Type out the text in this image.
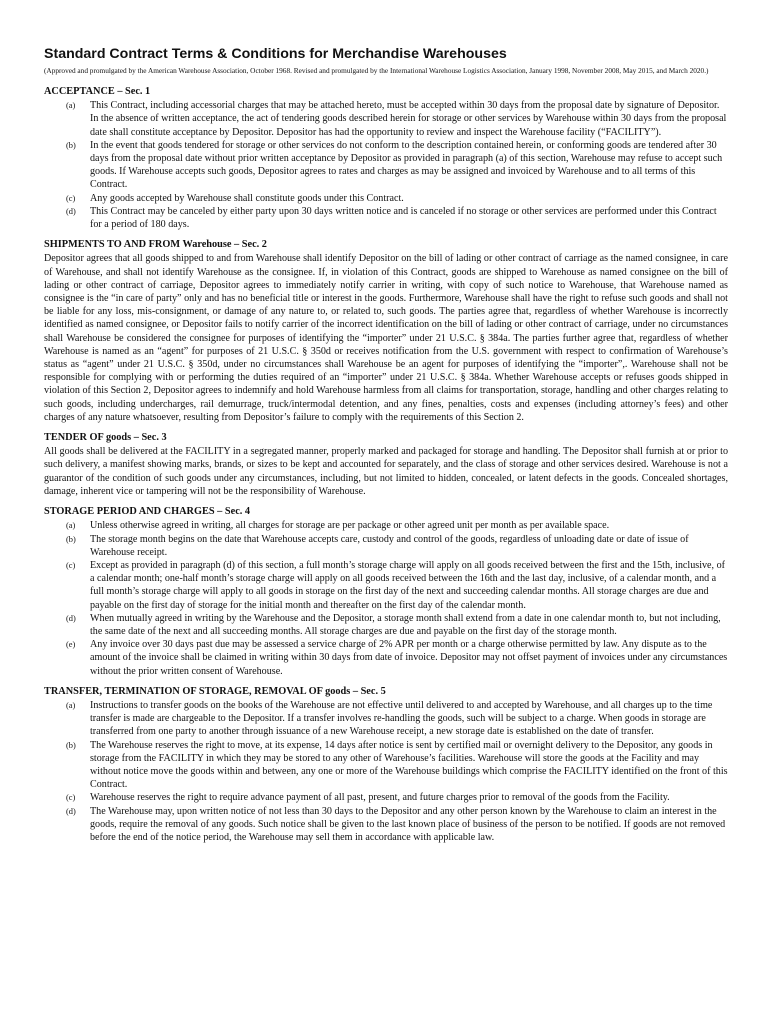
Standard Contract Terms & Conditions for Merchandise Warehouses
(Approved and promulgated by the American Warehouse Association, October 1968. Revised and promulgated by the International Warehouse Logistics Association, January 1998, November 2008, May 2015, and March 2020.)
ACCEPTANCE – Sec. 1
(a) This Contract, including accessorial charges that may be attached hereto, must be accepted within 30 days from the proposal date by signature of Depositor. In the absence of written acceptance, the act of tendering goods described herein for storage or other services by Warehouse within 30 days from the proposal date shall constitute acceptance by Depositor. Depositor has had the opportunity to review and inspect the Warehouse facility (“FACILITY”).
(b) In the event that goods tendered for storage or other services do not conform to the description contained herein, or conforming goods are tendered after 30 days from the proposal date without prior written acceptance by Depositor as provided in paragraph (a) of this section, Warehouse may refuse to accept such goods. If Warehouse accepts such goods, Depositor agrees to rates and charges as may be assigned and invoiced by Warehouse and to all terms of this Contract.
(c) Any goods accepted by Warehouse shall constitute goods under this Contract.
(d) This Contract may be canceled by either party upon 30 days written notice and is canceled if no storage or other services are performed under this Contract for a period of 180 days.
SHIPMENTS TO AND FROM Warehouse – Sec. 2

Depositor agrees that all goods shipped to and from Warehouse shall identify Depositor on the bill of lading or other contract of carriage as the named consignee, in care of Warehouse, and shall not identify Warehouse as the consignee. If, in violation of this Contract, goods are shipped to Warehouse as named consignee on the bill of lading or other contract of carriage, Depositor agrees to immediately notify carrier in writing, with copy of such notice to Warehouse, that Warehouse named as consignee is the “in care of party” only and has no beneficial title or interest in the goods. Furthermore, Warehouse shall have the right to refuse such goods and shall not be liable for any loss, mis-consignment, or damage of any nature to, or related to, such goods. The parties agree that, regardless of whether Warehouse is incorrectly identified as named consignee, or Depositor fails to notify carrier of the incorrect identification on the bill of lading or other contract of carriage, under no circumstances shall Warehouse be considered the consignee for purposes of identifying the “importer” under 21 U.S.C. § 384a. The parties further agree that, regardless of whether Warehouse is named as an “agent” for purposes of 21 U.S.C. § 350d or receives notification from the U.S. government with respect to confirmation of Warehouse’s status as “agent” under 21 U.S.C. § 350d, under no circumstances shall Warehouse be an agent for purposes of identifying the “importer”,. Warehouse shall not be responsible for complying with or performing the duties required of an “importer” under 21 U.S.C. § 384a. Whether Warehouse accepts or refuses goods shipped in violation of this Section 2, Depositor agrees to indemnify and hold Warehouse harmless from all claims for transportation, storage, handling and other charges relating to such goods, including undercharges, rail demurrage, truck/intermodal detention, and any fines, penalties, costs and expenses (including attorney’s fees) and other charges of any nature whatsoever, resulting from Depositor’s failure to comply with the requirements of this Section 2.

TENDER OF goods – Sec. 3

All goods shall be delivered at the FACILITY in a segregated manner, properly marked and packaged for storage and handling. The Depositor shall furnish at or prior to such delivery, a manifest showing marks, brands, or sizes to be kept and accounted for separately, and the class of storage and other services desired. Warehouse is not a guarantor of the condition of such goods under any circumstances, including, but not limited to hidden, concealed, or latent defects in the goods. Concealed shortages, damage, inherent vice or tampering will not be the responsibility of Warehouse.

STORAGE PERIOD AND CHARGES – Sec. 4
(a) Unless otherwise agreed in writing, all charges for storage are per package or other agreed unit per month as per available space.
(b) The storage month begins on the date that Warehouse accepts care, custody and control of the goods, regardless of unloading date or date of issue of Warehouse receipt.
(c) Except as provided in paragraph (d) of this section, a full month’s storage charge will apply on all goods received between the first and the 15th, inclusive, of a calendar month; one-half month’s storage charge will apply on all goods received between the 16th and the last day, inclusive, of a calendar month, and a full month’s storage charge will apply to all goods in storage on the first day of the next and succeeding calendar months. All storage charges are due and payable on the first day of storage for the initial month and thereafter on the first day of the calendar month.
(d) When mutually agreed in writing by the Warehouse and the Depositor, a storage month shall extend from a date in one calendar month to, but not including, the same date of the next and all succeeding months. All storage charges are due and payable on the first day of the storage month.
(e) Any invoice over 30 days past due may be assessed a service charge of 2% APR per month or a charge otherwise permitted by law. Any dispute as to the amount of the invoice shall be claimed in writing within 30 days from date of invoice. Depositor may not offset payment of invoices under any circumstances without the prior written consent of Warehouse.
TRANSFER, TERMINATION OF STORAGE, REMOVAL OF goods – Sec. 5
(a) Instructions to transfer goods on the books of the Warehouse are not effective until delivered to and accepted by Warehouse, and all charges up to the time transfer is made are chargeable to the Depositor. If a transfer involves re-handling the goods, such will be subject to a charge. When goods in storage are transferred from one party to another through issuance of a new Warehouse receipt, a new storage date is established on the date of transfer.
(b) The Warehouse reserves the right to move, at its expense, 14 days after notice is sent by certified mail or overnight delivery to the Depositor, any goods in storage from the FACILITY in which they may be stored to any other of Warehouse’s facilities. Warehouse will store the goods at the Facility and may without notice move the goods within and between, any one or more of the Warehouse buildings which comprise the FACILITY identified on the front of this Contract.
(c) Warehouse reserves the right to require advance payment of all past, present, and future charges prior to removal of the goods from the Facility.
(d) The Warehouse may, upon written notice of not less than 30 days to the Depositor and any other person known by the Warehouse to claim an interest in the goods, require the removal of any goods. Such notice shall be given to the last known place of business of the person to be notified. If goods are not removed before the end of the notice period, the Warehouse may sell them in accordance with applicable law.
